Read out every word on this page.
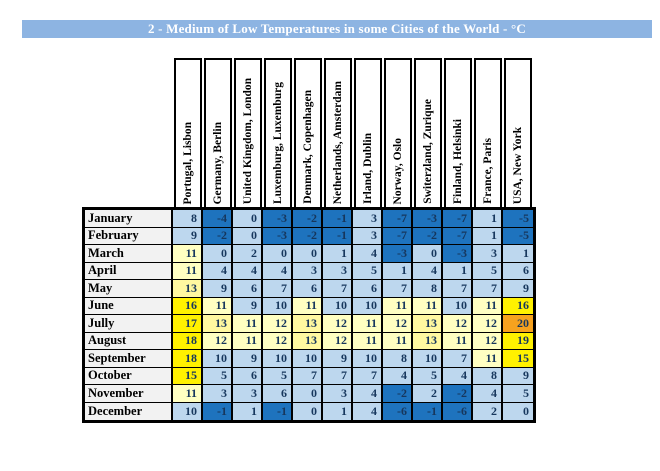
2 - Medium of Low Temperatures in some Cities of the World - °C
Portugal, Lisbon	Germany, Berlin	United Kingdom, London	Luxemburg, Luxemburg	Denmark, Copenhagen	Netherlands, Amsterdam	Irland, Dublin	Norway, Oslo	Switerzland, Zurique	Finland, Helsinki	France, Paris	USA, New York
January	8	-4	0	-3	-2	-1	3	-7	-3	-7	1	-5
February	9	-2	0	-3	-2	-1	3	-7	-2	-7	1	-5
March	11	0	2	0	0	1	4	-3	0	-3	3	1
April	11	4	4	4	3	3	5	1	4	1	5	6
May	13	9	6	7	6	7	6	7	8	7	7	9
June	16	11	9	10	11	10	10	11	11	10	11	16
Jully	17	13	11	12	13	12	11	12	13	12	12	20
August	18	12	11	12	13	12	11	11	13	11	12	19
September	18	10	9	10	10	9	10	8	10	7	11	15
October	15	5	6	5	7	7	7	4	5	4	8	9
November	11	3	3	6	0	3	4	-2	2	-2	4	5
December	10	-1	1	-1	0	1	4	-6	-1	-6	2	0
